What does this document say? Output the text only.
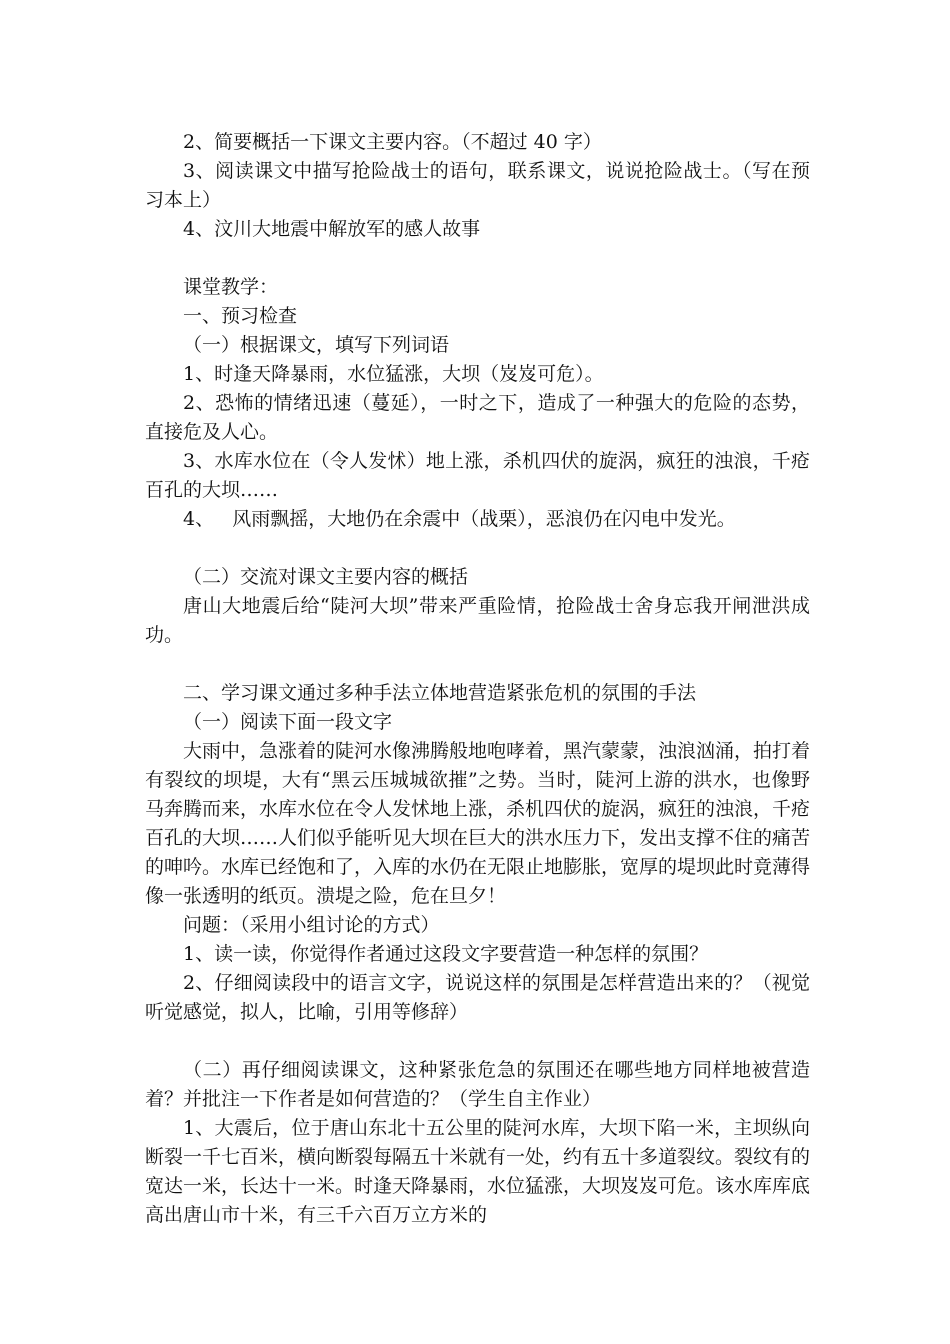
2、简要概括一下课文主要内容。（不超过 40 字）

3、阅读课文中描写抢险战士的语句，联系课文，说说抢险战士。（写在预习本上）

4、汶川大地震中解放军的感人故事

课堂教学：

一、预习检查

（一）根据课文，填写下列词语

1、时逢天降暴雨，水位猛涨，大坝（岌岌可危）。

2、恐怖的情绪迅速（蔓延），一时之下，造成了一种强大的危险的态势，直接危及人心。

3、水库水位在（令人发怵）地上涨，杀机四伏的旋涡，疯狂的浊浪，千疮百孔的大坝……

4、   风雨飘摇，大地仍在余震中（战栗），恶浪仍在闪电中发光。

（二）交流对课文主要内容的概括

唐山大地震后给“陡河大坝”带来严重险情，抢险战士舍身忘我开闸泄洪成功。

二、学习课文通过多种手法立体地营造紧张危机的氛围的手法

（一）阅读下面一段文字

大雨中，急涨着的陡河水像沸腾般地咆哮着，黑汽蒙蒙，浊浪汹涌，拍打着有裂纹的坝堤，大有“黑云压城城欲摧”之势。当时，陡河上游的洪水，也像野马奔腾而来，水库水位在令人发怵地上涨，杀机四伏的旋涡，疯狂的浊浪，千疮百孔的大坝……人们似乎能听见大坝在巨大的洪水压力下，发出支撑不住的痛苦的呻吟。水库已经饱和了，入库的水仍在无限止地膨胀，宽厚的堤坝此时竟薄得像一张透明的纸页。溃堤之险，危在旦夕！

问题：（采用小组讨论的方式）

1、读一读，你觉得作者通过这段文字要营造一种怎样的氛围？

2、仔细阅读段中的语言文字，说说这样的氛围是怎样营造出来的？（视觉听觉感觉，拟人，比喻，引用等修辞）

（二）再仔细阅读课文，这种紧张危急的氛围还在哪些地方同样地被营造着？并批注一下作者是如何营造的？（学生自主作业）

1、大震后，位于唐山东北十五公里的陡河水库，大坝下陷一米，主坝纵向断裂一千七百米，横向断裂每隔五十米就有一处，约有五十多道裂纹。裂纹有的宽达一米，长达十一米。时逢天降暴雨，水位猛涨，大坝岌岌可危。该水库库底高出唐山市十米，有三千六百万立方米的
